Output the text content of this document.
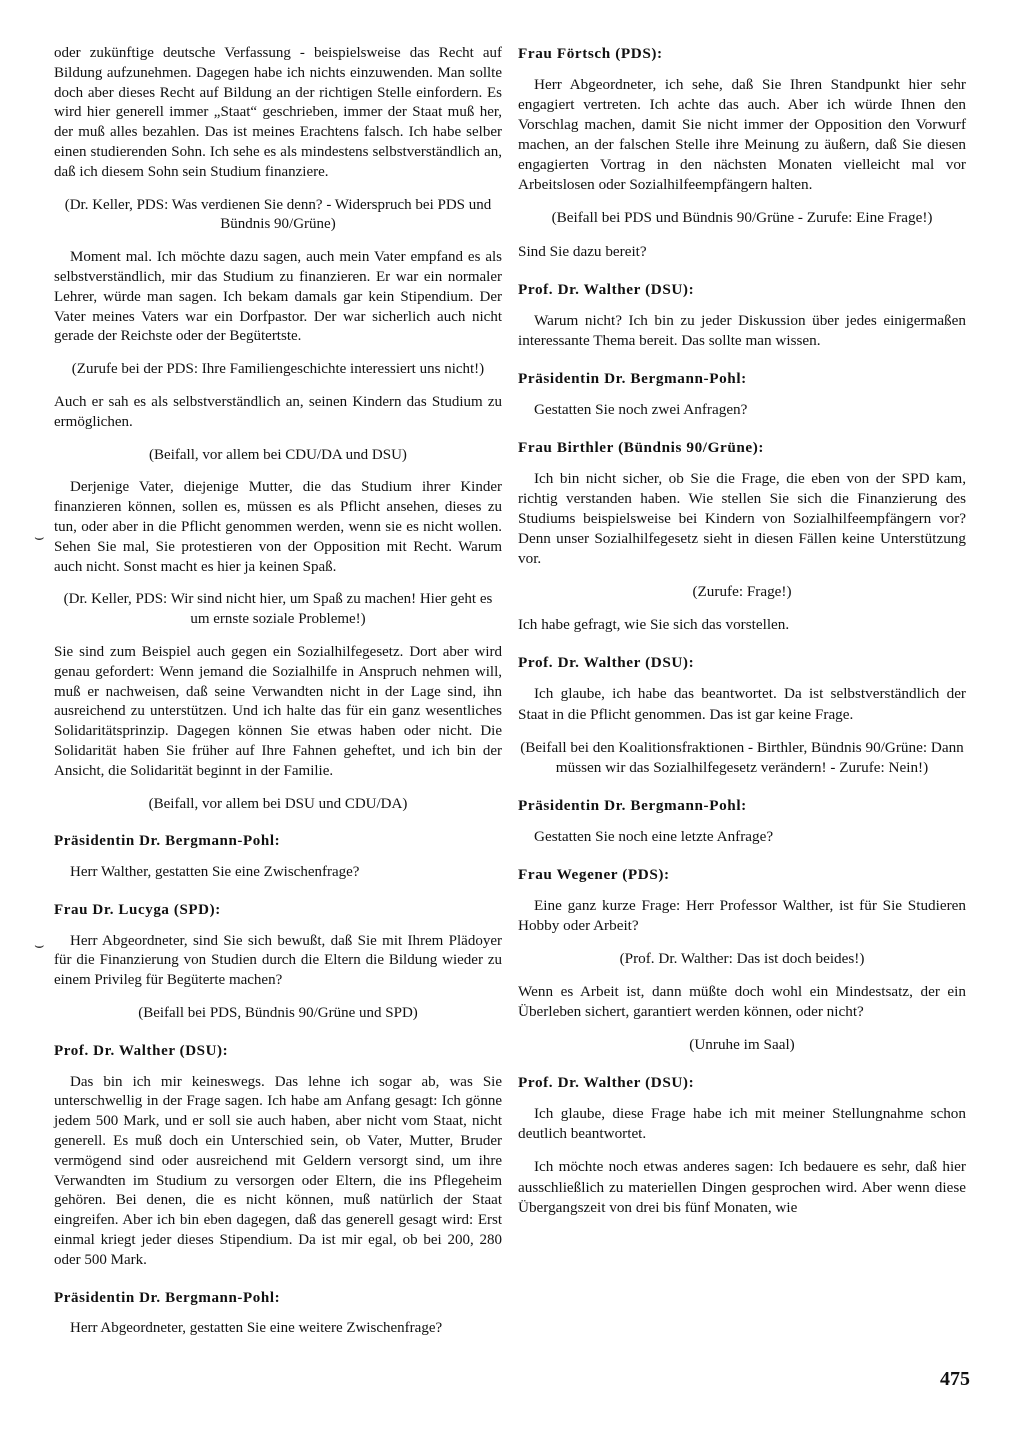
oder zukünftige deutsche Verfassung - beispielsweise das Recht auf Bildung aufzunehmen. Dagegen habe ich nichts einzuwenden. Man sollte doch aber dieses Recht auf Bildung an der richtigen Stelle einfordern. Es wird hier generell immer „Staat“ geschrieben, immer der Staat muß her, der muß alles bezahlen. Das ist meines Erachtens falsch. Ich habe selber einen studierenden Sohn. Ich sehe es als mindestens selbstverständlich an, daß ich diesem Sohn sein Studium finanziere.

(Dr. Keller, PDS: Was verdienen Sie denn? - Widerspruch bei PDS und Bündnis 90/Grüne)

Moment mal. Ich möchte dazu sagen, auch mein Vater empfand es als selbstverständlich, mir das Studium zu finanzieren. Er war ein normaler Lehrer, würde man sagen. Ich bekam damals gar kein Stipendium. Der Vater meines Vaters war ein Dorfpastor. Der war sicherlich auch nicht gerade der Reichste oder der Begütertste.

(Zurufe bei der PDS: Ihre Familiengeschichte interessiert uns nicht!)

Auch er sah es als selbstverständlich an, seinen Kindern das Studium zu ermöglichen.

(Beifall, vor allem bei CDU/DA und DSU)

Derjenige Vater, diejenige Mutter, die das Studium ihrer Kinder finanzieren können, sollen es, müssen es als Pflicht ansehen, dieses zu tun, oder aber in die Pflicht genommen werden, wenn sie es nicht wollen. Sehen Sie mal, Sie protestieren von der Opposition mit Recht. Warum auch nicht. Sonst macht es hier ja keinen Spaß.

(Dr. Keller, PDS: Wir sind nicht hier, um Spaß zu machen! Hier geht es um ernste soziale Probleme!)

Sie sind zum Beispiel auch gegen ein Sozialhilfegesetz. Dort aber wird genau gefordert: Wenn jemand die Sozialhilfe in Anspruch nehmen will, muß er nachweisen, daß seine Verwandten nicht in der Lage sind, ihn ausreichend zu unterstützen. Und ich halte das für ein ganz wesentliches Solidaritätsprinzip. Dagegen können Sie etwas haben oder nicht. Die Solidarität haben Sie früher auf Ihre Fahnen geheftet, und ich bin der Ansicht, die Solidarität beginnt in der Familie.

(Beifall, vor allem bei DSU und CDU/DA)

Präsidentin Dr. Bergmann-Pohl:

Herr Walther, gestatten Sie eine Zwischenfrage?

Frau Dr. Lucyga (SPD):

Herr Abgeordneter, sind Sie sich bewußt, daß Sie mit Ihrem Plädoyer für die Finanzierung von Studien durch die Eltern die Bildung wieder zu einem Privileg für Begüterte machen?

(Beifall bei PDS, Bündnis 90/Grüne und SPD)

Prof. Dr. Walther (DSU):

Das bin ich mir keineswegs. Das lehne ich sogar ab, was Sie unterschwellig in der Frage sagen. Ich habe am Anfang gesagt: Ich gönne jedem 500 Mark, und er soll sie auch haben, aber nicht vom Staat, nicht generell. Es muß doch ein Unterschied sein, ob Vater, Mutter, Bruder vermögend sind oder ausreichend mit Geldern versorgt sind, um ihre Verwandten im Studium zu versorgen oder Eltern, die ins Pflegeheim gehören. Bei denen, die es nicht können, muß natürlich der Staat eingreifen. Aber ich bin eben dagegen, daß das generell gesagt wird: Erst einmal kriegt jeder dieses Stipendium. Da ist mir egal, ob bei 200, 280 oder 500 Mark.

Präsidentin Dr. Bergmann-Pohl:

Herr Abgeordneter, gestatten Sie eine weitere Zwischenfrage?

Frau Förtsch (PDS):

Herr Abgeordneter, ich sehe, daß Sie Ihren Standpunkt hier sehr engagiert vertreten. Ich achte das auch. Aber ich würde Ihnen den Vorschlag machen, damit Sie nicht immer der Opposition den Vorwurf machen, an der falschen Stelle ihre Meinung zu äußern, daß Sie diesen engagierten Vortrag in den nächsten Monaten vielleicht mal vor Arbeitslosen oder Sozialhilfeempfängern halten.

(Beifall bei PDS und Bündnis 90/Grüne - Zurufe: Eine Frage!)

Sind Sie dazu bereit?

Prof. Dr. Walther (DSU):

Warum nicht? Ich bin zu jeder Diskussion über jedes einigermaßen interessante Thema bereit. Das sollte man wissen.

Präsidentin Dr. Bergmann-Pohl:

Gestatten Sie noch zwei Anfragen?

Frau Birthler (Bündnis 90/Grüne):

Ich bin nicht sicher, ob Sie die Frage, die eben von der SPD kam, richtig verstanden haben. Wie stellen Sie sich die Finanzierung des Studiums beispielsweise bei Kindern von Sozialhilfeempfängern vor? Denn unser Sozialhilfegesetz sieht in diesen Fällen keine Unterstützung vor.

(Zurufe: Frage!)

Ich habe gefragt, wie Sie sich das vorstellen.

Prof. Dr. Walther (DSU):

Ich glaube, ich habe das beantwortet. Da ist selbstverständlich der Staat in die Pflicht genommen. Das ist gar keine Frage.

(Beifall bei den Koalitionsfraktionen - Birthler, Bündnis 90/Grüne: Dann müssen wir das Sozialhilfegesetz verändern! - Zurufe: Nein!)

Präsidentin Dr. Bergmann-Pohl:

Gestatten Sie noch eine letzte Anfrage?

Frau Wegener (PDS):

Eine ganz kurze Frage: Herr Professor Walther, ist für Sie Studieren Hobby oder Arbeit?

(Prof. Dr. Walther: Das ist doch beides!)

Wenn es Arbeit ist, dann müßte doch wohl ein Mindestsatz, der ein Überleben sichert, garantiert werden können, oder nicht?

(Unruhe im Saal)

Prof. Dr. Walther (DSU):

Ich glaube, diese Frage habe ich mit meiner Stellungnahme schon deutlich beantwortet.

Ich möchte noch etwas anderes sagen: Ich bedauere es sehr, daß hier ausschließlich zu materiellen Dingen gesprochen wird. Aber wenn diese Übergangszeit von drei bis fünf Monaten, wie

⌣
⌣
475
